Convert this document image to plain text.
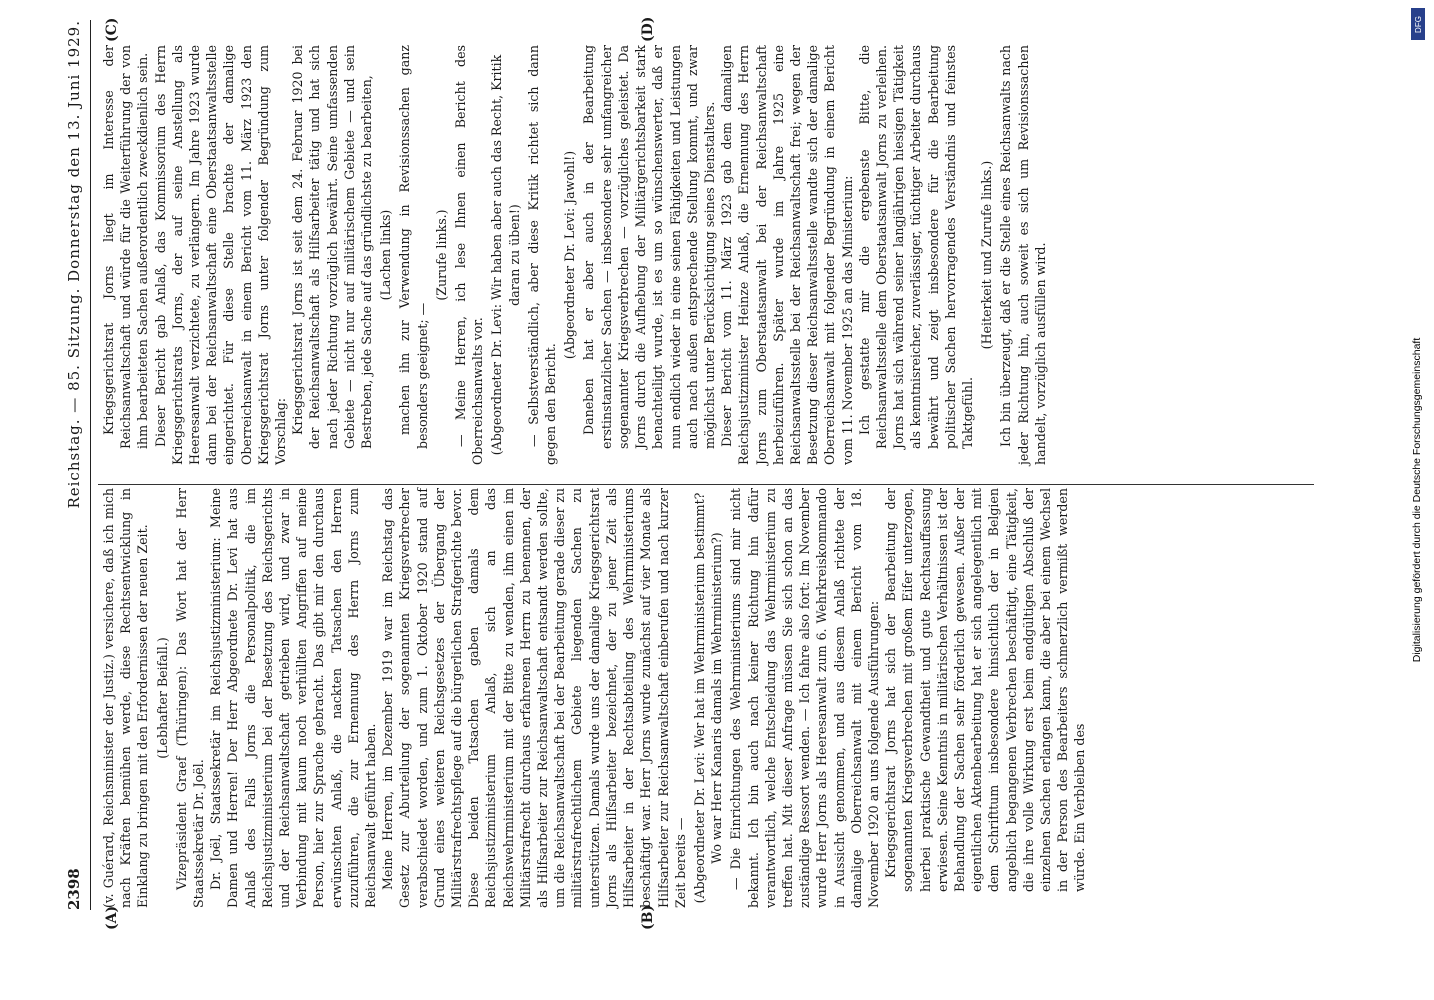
2398
Reichstag. — 85. Sitzung. Donnerstag den 13. Juni 1929.
(A)	(B)
(C)	(D)

(v. Guérard, Reichsminister der Justiz.) versichere, daß ich mich nach Kräften bemühen werde, diese Rechtsentwicklung in Einklang zu bringen mit den Erfordernissen der neuen Zeit. (Lebhafter Beifall.) Vizepräsident Graef (Thüringen): Das Wort hat der Herr Staatssekretär Dr. Joël. Dr. Joël, Staatssekretär im Reichsjustizministerium: Meine Damen und Herren! Der Herr Abgeordnete Dr. Levi hat aus Anlaß des Falls Jorns die Personalpolitik, die im Reichsjustizministerium bei der Besetzung des Reichsgerichts und der Reichsanwaltschaft getrieben wird, und zwar in Verbindung mit kaum noch verhüllten Angriffen auf meine Person, hier zur Sprache gebracht. Das gibt mir den durchaus erwünschten Anlaß, die nackten Tatsachen den Herren zuzuführen, die zur Ernennung des Herrn Jorns zum Reichsanwalt geführt haben. Meine Herren, im Dezember 1919 war im Reichstag das Gesetz zur Aburteilung der sogenannten Kriegsverbrecher verabschiedet worden, und zum 1. Oktober 1920 stand auf Grund eines weiteren Reichsgesetzes der Übergang der Militärstrafrechtspflege auf die bürgerlichen Strafgerichte bevor. Diese beiden Tatsachen gaben damals dem Reichsjustizministerium Anlaß, sich an das Reichswehrministerium mit der Bitte zu wenden, ihm einen im Militärstrafrecht durchaus erfahrenen Herrn zu benennen, der als Hilfsarbeiter zur Reichsanwaltschaft entsandt werden sollte, um die Reichsanwaltschaft bei der Bearbeitung gerade dieser zu militärstrafrechtlichem Gebiete liegenden Sachen zu unterstützen. Damals wurde uns der damalige Kriegsgerichtsrat Jorns als Hilfsarbeiter bezeichnet, der zu jener Zeit als Hilfsarbeiter in der Rechtsabteilung des Wehrministeriums beschäftigt war. Herr Jorns wurde zunächst auf vier Monate als Hilfsarbeiter zur Reichsanwaltschaft einberufen und nach kurzer Zeit bereits — (Abgeordneter Dr. Levi: Wer hat im Wehrministerium bestimmt? Wo war Herr Kanaris damals im Wehrministerium?) — Die Einrichtungen des Wehrministeriums sind mir nicht bekannt. Ich bin auch nach keiner Richtung hin dafür verantwortlich, welche Entscheidung das Wehrministerium zu treffen hat. Mit dieser Anfrage müssen Sie sich schon an das zuständige Ressort wenden. — Ich fahre also fort: Im November wurde Herr Jorns als Heeresanwalt zum 6. Wehrkreiskommando in Aussicht genommen, und aus diesem Anlaß richtete der damalige Oberreichsanwalt mit einem Bericht vom 18. November 1920 an uns folgende Ausführungen: Kriegsgerichtsrat Jorns hat sich der Bearbeitung der sogenannten Kriegsverbrechen mit großem Eifer unterzogen, hierbei praktische Gewandtheit und gute Rechtsauffassung erwiesen. Seine Kenntnis in militärischen Verhältnissen ist der Behandlung der Sachen sehr förderlich gewesen. Außer der eigentlichen Aktenbearbeitung hat er sich angelegentlich mit dem Schrifttum insbesondere hinsichtlich der in Belgien angeblich begangenen Verbrechen beschäftigt, eine Tätigkeit, die ihre volle Wirkung erst beim endgültigen Abschluß der einzelnen Sachen erlangen kann, die aber bei einem Wechsel in der Person des Bearbeiters schmerzlich vermißt werden würde. Ein Verbleiben des

Kriegsgerichtsrat Jorns liegt im Interesse der Reichsanwaltschaft und würde für die Weiterführung der von ihm bearbeiteten Sachen außerordentlich zweckdienlich sein. Dieser Bericht gab Anlaß, das Kommissorium des Herrn Kriegsgerichtsrats Jorns, der auf seine Anstellung als Heeresanwalt verzichtete, zu verlängern. Im Jahre 1923 wurde dann bei der Reichsanwaltschaft eine Oberstaatsanwaltsstelle eingerichtet. Für diese Stelle brachte der damalige Oberreichsanwalt in einem Bericht vom 11. März 1923 den Kriegsgerichtsrat Jorns unter folgender Begründung zum Vorschlag: Kriegsgerichtsrat Jorns ist seit dem 24. Februar 1920 bei der Reichsanwaltschaft als Hilfsarbeiter tätig und hat sich nach jeder Richtung vorzüglich bewährt. Seine umfassenden Gebiete — nicht nur auf militärischem Gebiete — und sein Bestreben, jede Sache auf das gründlichste zu bearbeiten, (Lachen links) machen ihn zur Verwendung in Revisionssachen ganz besonders geeignet; —

(Zurufe links.) — Meine Herren, ich lese Ihnen einen Bericht des Oberreichsanwalts vor. (Abgeordneter Dr. Levi: Wir haben aber auch das Recht, Kritik daran zu üben!) — Selbstverständlich, aber diese Kritik richtet sich dann gegen den Bericht.

(Abgeordneter Dr. Levi: Jawohl!) Daneben hat er aber auch in der Bearbeitung erstinstanzlicher Sachen — insbesondere sehr umfangreicher sogenannter Kriegsverbrechen — vorzügliches geleistet. Da Jorns durch die Aufhebung der Militärgerichtsbarkeit stark benachteiligt wurde, ist es um so wünschenswerter, daß er nun endlich wieder in eine seinen Fähigkeiten und Leistungen auch nach außen entsprechende Stellung kommt, und zwar möglichst unter Berücksichtigung seines Dienstalters. Dieser Bericht vom 11. März 1923 gab dem damaligen Reichsjustizminister Heinze Anlaß, die Ernennung des Herrn Jorns zum Oberstaatsanwalt bei der Reichsanwaltschaft herbeizuführen. Später wurde im Jahre 1925 eine Reichsanwaltsstelle bei der Reichsanwaltschaft frei; wegen der Besetzung dieser Reichsanwaltsstelle wandte sich der damalige Oberreichsanwalt mit folgender Begründung in einem Bericht vom 11. November 1925 an das Ministerium: Ich gestatte mir die ergebenste Bitte, die Reichsanwaltsstelle dem Oberstaatsanwalt Jorns zu verleihen. Jorns hat sich während seiner langjährigen hiesigen Tätigkeit als kenntnisreicher, zuverlässiger, tüchtiger Arbeiter durchaus bewährt und zeigt insbesondere für die Bearbeitung politischer Sachen hervorragendes Verständnis und feinstes Taktgefühl.

(Heiterkeit und Zurufe links.) Ich bin überzeugt, daß er die Stelle eines Reichsanwalts nach jeder Richtung hin, auch soweit es sich um Revisionssachen handelt, vorzüglich ausfüllen wird.

DFG
Digitalisierung gefördert durch die Deutsche Forschungsgemeinschaft
